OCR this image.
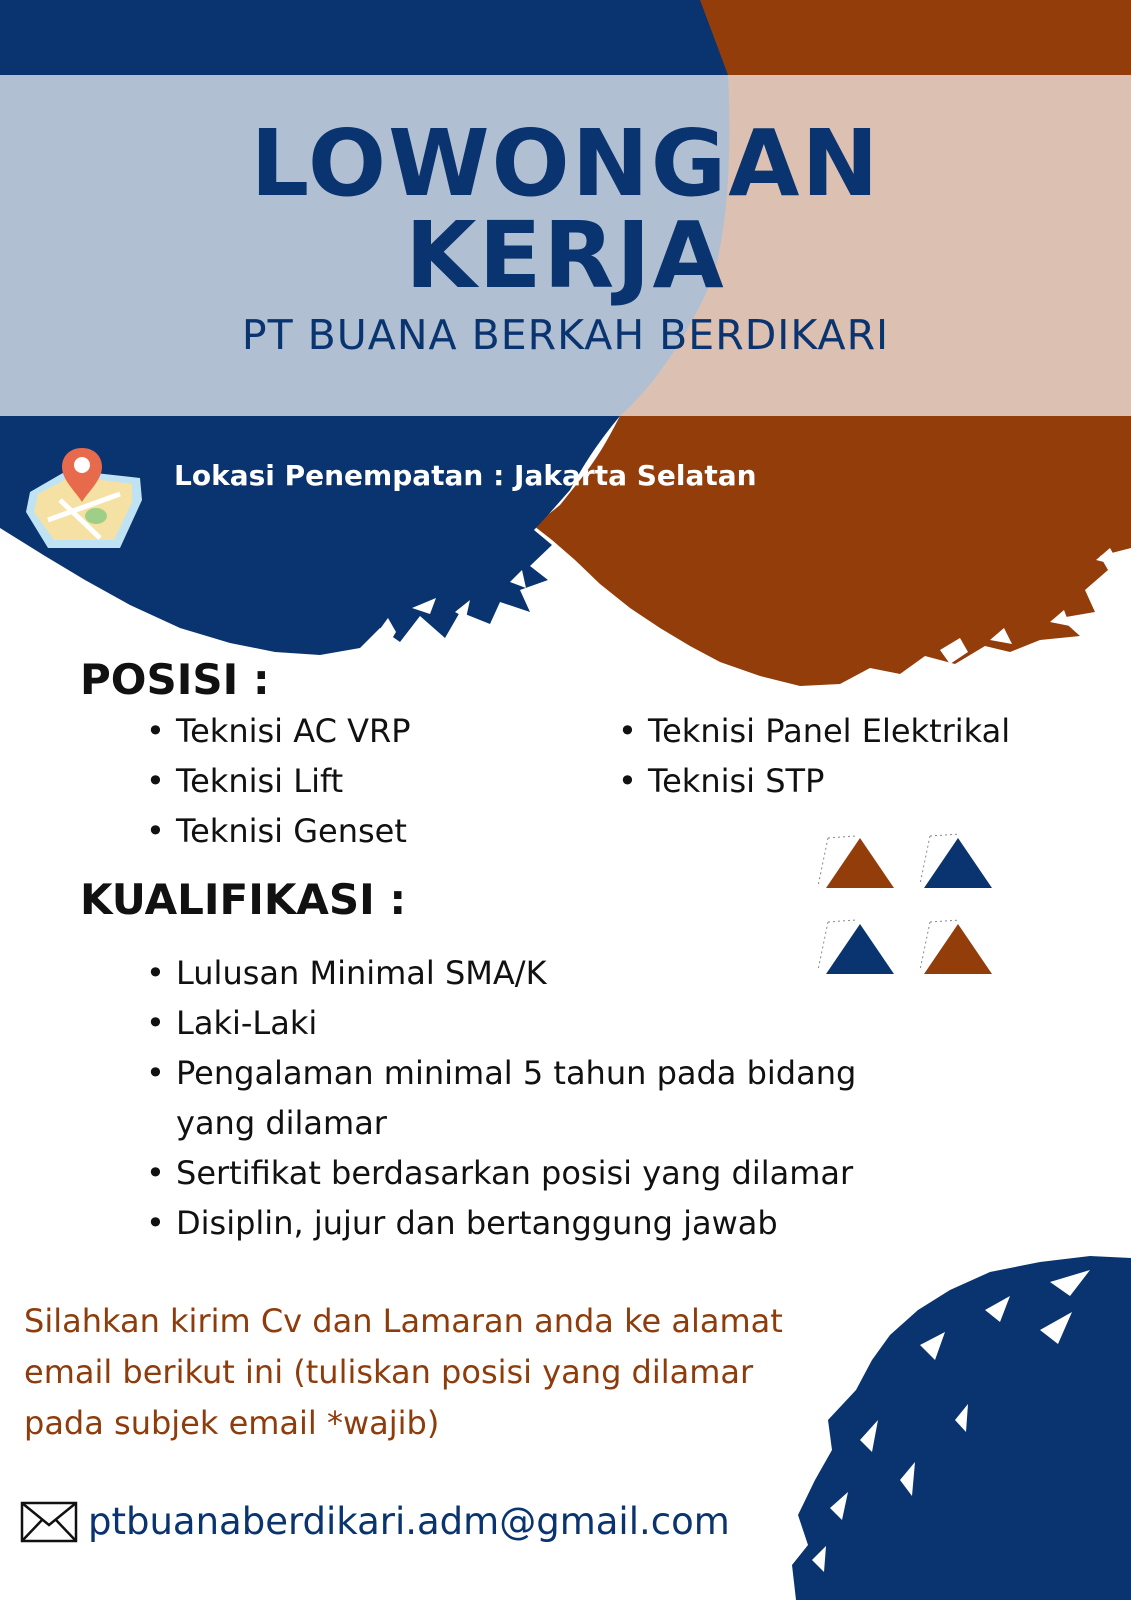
LOWONGAN
KERJA
PT BUANA BERKAH BERDIKARI
Lokasi Penempatan : Jakarta Selatan
POSISI :
• Teknisi AC VRP
• Teknisi Lift
• Teknisi Genset
• Teknisi Panel Elektrikal
• Teknisi STP
KUALIFIKASI :
• Lulusan Minimal SMA/K
• Laki-Laki
• Pengalaman minimal 5 tahun pada bidang yang dilamar
• Sertifikat berdasarkan posisi yang dilamar
• Disiplin, jujur dan bertanggung jawab
Silahkan kirim Cv dan Lamaran anda ke alamat email berikut ini (tuliskan posisi yang dilamar pada subjek email *wajib)
ptbuanaberdikari.adm@gmail.com
